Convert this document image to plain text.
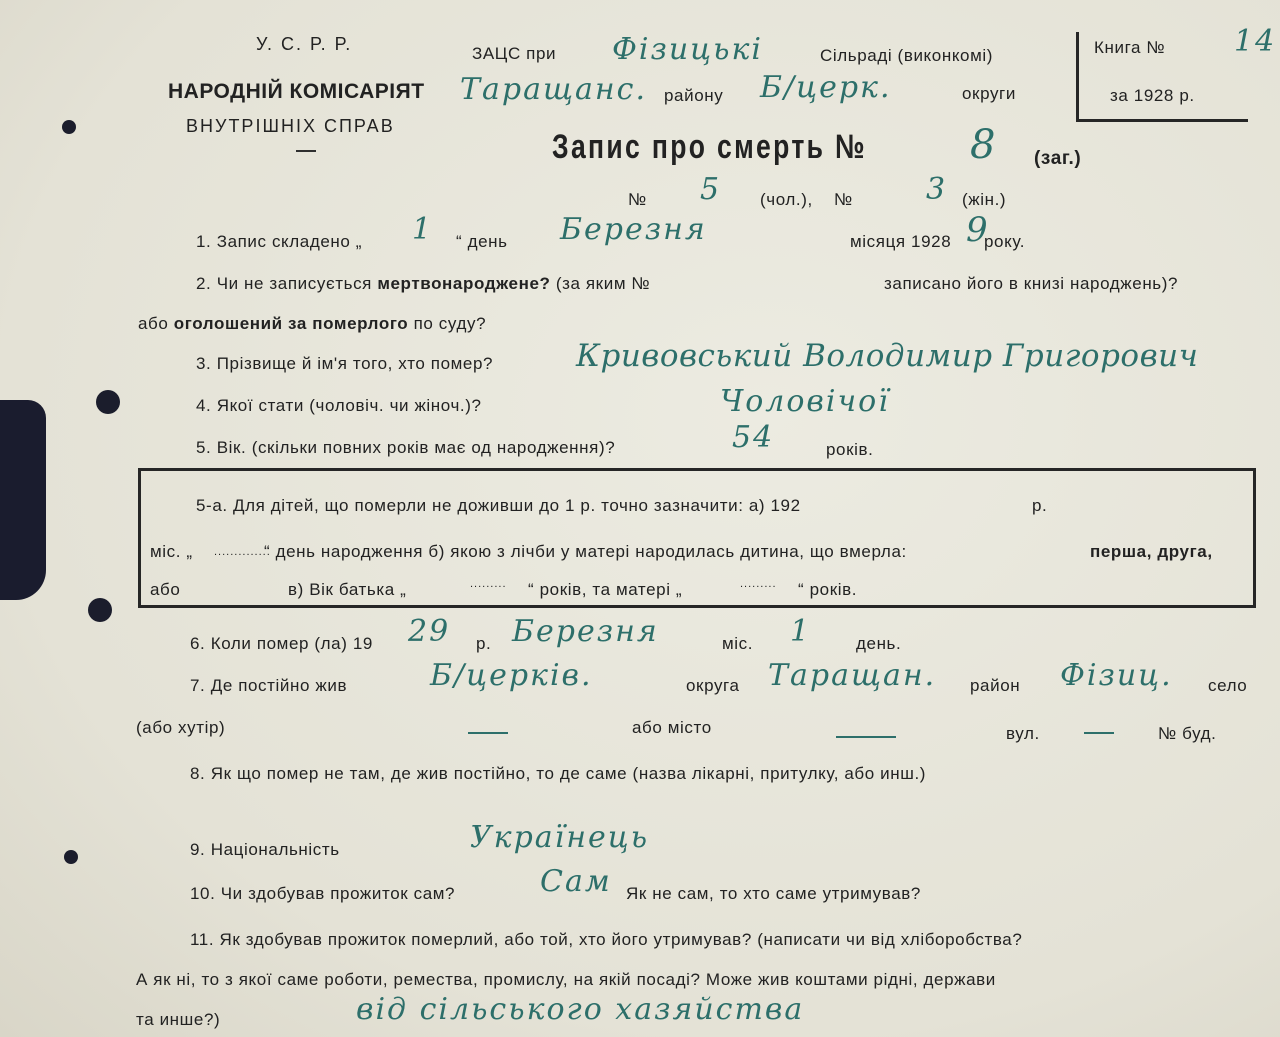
У. С. Р. Р.
НАРОДНІЙ КОМІСАРІЯТ
ВНУТРІШНІХ СПРАВ
ЗАЦС при Фізицькі	Сільраді (виконкомі)
Таращанс. району Б/церк.	округи
Книга № 14
за 1928 р.
Запис про смерть №	8 (заг.)
№ 5 (чол.), № 3 (жін.)
1. Запис складено „ 1 “ день Березня	місяця 1928 9
року.
2. Чи не записується мертвонароджене? (за яким №	записано його в книзі народжень)?
або оголошений за померлого по суду?
3. Прізвище й ім'я того, хто помер?	Кривовський Володимир Григорович
4. Якої стати (чоловіч. чи жіноч.)?	Чоловічої
5. Вік. (скільки повних років має од народження)?	54	років.
5-а. Для дітей, що померли не доживши до 1 р. точно зазначити: а) 192	р.
міс. „ ..............
“ день народження б) якою з лічби у матері народилась дитина, що вмерла:	перша, друга,
або	в) Вік батька „	......... “ років, та матері „	......... “ років.
6. Коли помер (ла) 19 29 р. Березня	міс. 1	день.
7. Де постійно жив	Б/церків.	округа Таращан. район Фізиц. село
(або хутір)	або місто	вул.	№ буд.
8. Як що помер не там, де жив постійно, то де саме (назва лікарні, притулку, або инш.)
9. Національність	Українець
10. Чи здобував прожиток сам?	Сам Як не сам, то хто саме утримував?
11. Як здобував прожиток померлий, або той, хто його утримував? (написати чи від хліборобства?
А як ні, то з якої саме роботи, ремества, промислу, на якій посаді? Може жив коштами рідні, держави
та инше?)	від сільського хазяйства
